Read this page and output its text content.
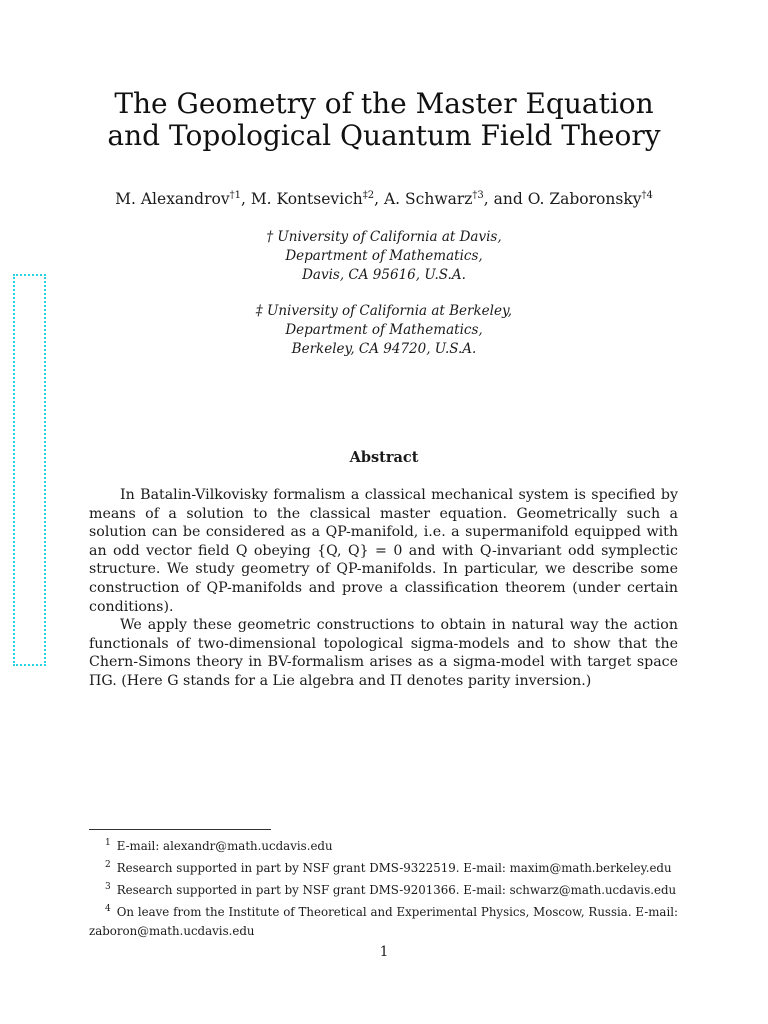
The Geometry of the Master Equation
and Topological Quantum Field Theory
M. Alexandrov$^{\dagger 1}$, M. Kontsevich$^{\ddagger 2}$, A. Schwarz$^{\dagger 3}$, and O. Zaboronsky$^{\dagger 4}$
† University of California at Davis,
Department of Mathematics,
Davis, CA 95616, U.S.A.
‡ University of California at Berkeley,
Department of Mathematics,
Berkeley, CA 94720, U.S.A.
Abstract

In Batalin-Vilkovisky formalism a classical mechanical system is specified by means of a solution to the classical master equation. Geometrically such a solution can be considered as a QP-manifold, i.e. a supermanifold equipped with an odd vector field Q obeying {Q, Q} = 0 and with Q-invariant odd symplectic structure. We study geometry of QP-manifolds. In particular, we describe some construction of QP-manifolds and prove a classification theorem (under certain conditions).

We apply these geometric constructions to obtain in natural way the action functionals of two-dimensional topological sigma-models and to show that the Chern-Simons theory in BV-formalism arises as a sigma-model with target space ΠG. (Here G stands for a Lie algebra and Π denotes parity inversion.)

$^1$ E-mail: alexandr@math.ucdavis.edu

$^2$ Research supported in part by NSF grant DMS-9322519. E-mail: maxim@math.berkeley.edu

$^3$ Research supported in part by NSF grant DMS-9201366. E-mail: schwarz@math.ucdavis.edu

$^4$ On leave from the Institute of Theoretical and Experimental Physics, Moscow, Russia. E-mail: zaboron@math.ucdavis.edu

1
